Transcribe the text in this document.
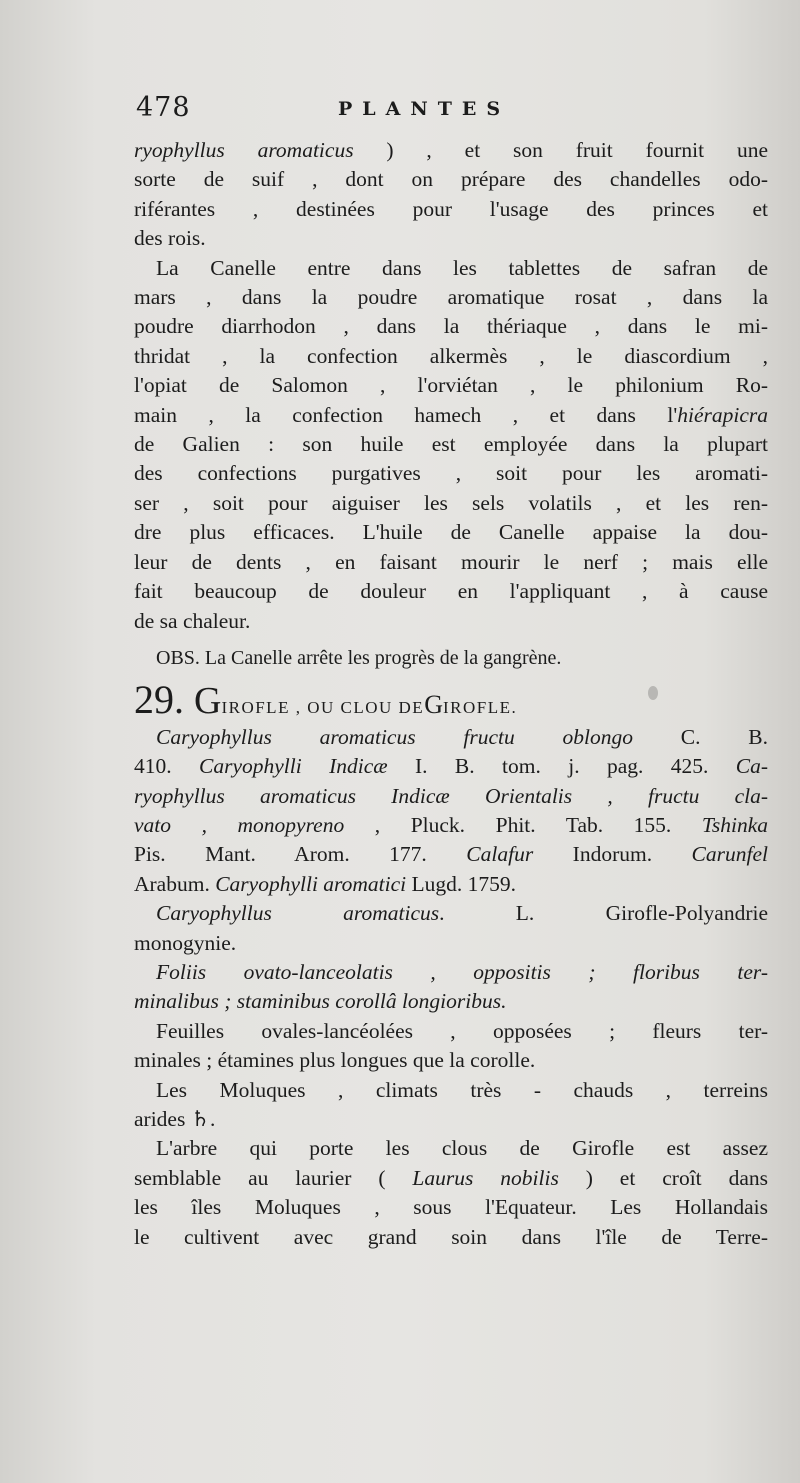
478	PLANTES

ryophyllus aromaticus ) , et son fruit fournit une
sorte de suif , dont on prépare des chandelles odo-
riférantes , destinées pour l'usage des princes et
des rois.

La Canelle entre dans les tablettes de safran de
mars , dans la poudre aromatique rosat , dans la
poudre diarrhodon , dans la thériaque , dans le mi-
thridat , la confection alkermès , le diascordium ,
l'opiat de Salomon , l'orviétan , le philonium Ro-
main , la confection hamech , et dans l'hiérapicra
de Galien : son huile est employée dans la plupart
des confections purgatives , soit pour les aromati-
ser , soit pour aiguiser les sels volatils , et les ren-
dre plus efficaces. L'huile de Canelle appaise la dou-
leur de dents , en faisant mourir le nerf ; mais elle
fait beaucoup de douleur en l'appliquant , à cause
de sa chaleur.

OBS. La Canelle arrête les progrès de la gangrène.

29. G IROFLE , OU CLOU DE G IROFLE.

Caryophyllus aromaticus fructu oblongo C. B.
410. Caryophylli Indicæ I. B. tom. j. pag. 425. Ca-
ryophyllus aromaticus Indicæ Orientalis , fructu cla-
vato , monopyreno , Pluck. Phit. Tab. 155. Tshinka
Pis. Mant. Arom. 177. Calafur Indorum. Carunfel
Arabum. Caryophylli aromatici Lugd. 1759.

Caryophyllus aromaticus. L. Girofle-Polyandrie
monogynie.

Foliis ovato-lanceolatis , oppositis ; floribus ter-
minalibus ; staminibus corollâ longioribus.

Feuilles ovales-lancéolées , opposées ; fleurs ter-
minales ; étamines plus longues que la corolle.

Les Moluques , climats très - chauds , terreins
arides ♄.

L'arbre qui porte les clous de Girofle est assez
semblable au laurier ( Laurus nobilis ) et croît dans
les îles Moluques , sous l'Equateur. Les Hollandais
le cultivent avec grand soin dans l'île de Terre-
